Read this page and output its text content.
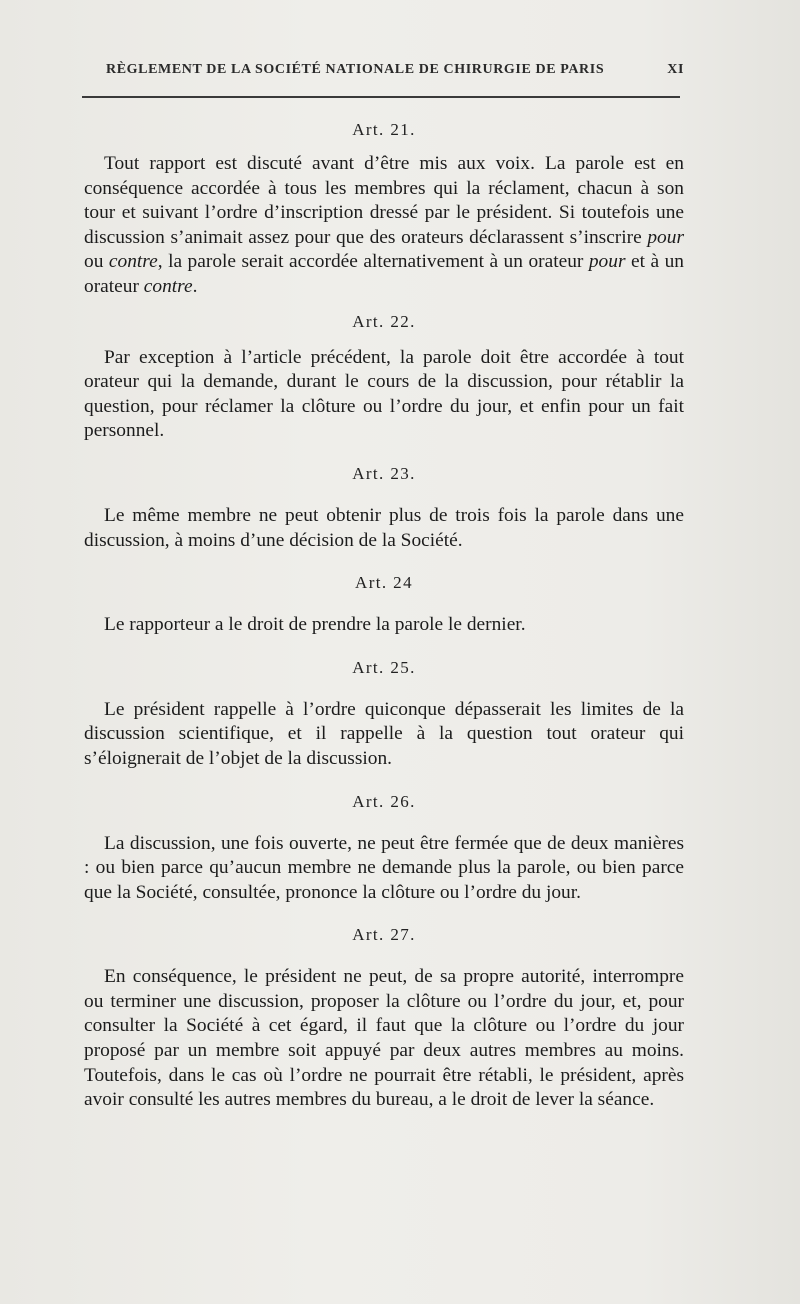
RÈGLEMENT DE LA SOCIÉTÉ NATIONALE DE CHIRURGIE DE PARIS	XI
Art. 21.

Tout rapport est discuté avant d’être mis aux voix. La parole est en conséquence accordée à tous les membres qui la réclament, chacun à son tour et suivant l’ordre d’inscription dressé par le président. Si toutefois une discussion s’animait assez pour que des orateurs déclarassent s’inscrire pour ou contre, la parole serait accordée alternativement à un orateur pour et à un orateur contre.

Art. 22.

Par exception à l’article précédent, la parole doit être accordée à tout orateur qui la demande, durant le cours de la discussion, pour rétablir la question, pour réclamer la clôture ou l’ordre du jour, et enfin pour un fait personnel.

Art. 23.

Le même membre ne peut obtenir plus de trois fois la parole dans une discussion, à moins d’une décision de la Société.

Art. 24

Le rapporteur a le droit de prendre la parole le dernier.

Art. 25.

Le président rappelle à l’ordre quiconque dépasserait les limites de la discussion scientifique, et il rappelle à la question tout orateur qui s’éloignerait de l’objet de la discussion.

Art. 26.

La discussion, une fois ouverte, ne peut être fermée que de deux manières : ou bien parce qu’aucun membre ne demande plus la parole, ou bien parce que la Société, consultée, prononce la clôture ou l’ordre du jour.

Art. 27.

En conséquence, le président ne peut, de sa propre autorité, interrompre ou terminer une discussion, proposer la clôture ou l’ordre du jour, et, pour consulter la Société à cet égard, il faut que la clôture ou l’ordre du jour proposé par un membre soit appuyé par deux autres membres au moins. Toutefois, dans le cas où l’ordre ne pourrait être rétabli, le président, après avoir consulté les autres membres du bureau, a le droit de lever la séance.
